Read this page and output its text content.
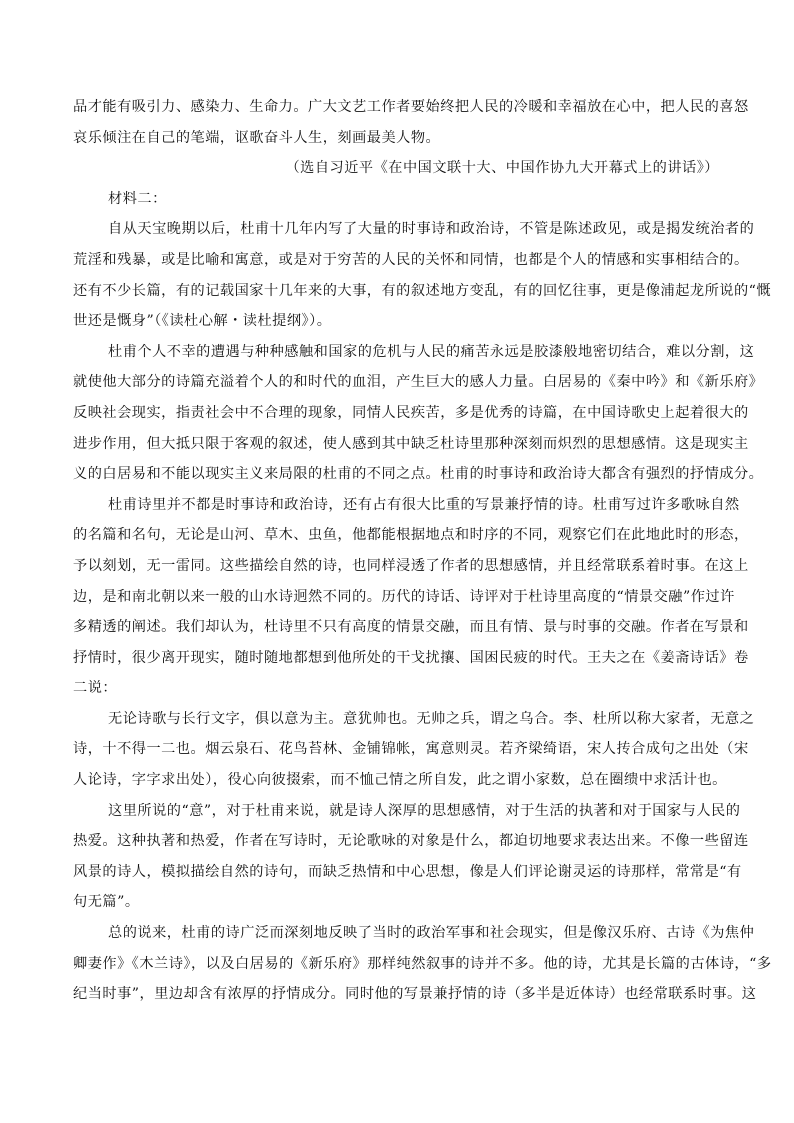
品才能有吸引力、感染力、生命力。广大文艺工作者要始终把人民的冷暖和幸福放在心中，把人民的喜怒
哀乐倾注在自己的笔端，讴歌奋斗人生，刻画最美人物。
（选自习近平《在中国文联十大、中国作协九大开幕式上的讲话》）
材料二：
自从天宝晚期以后，杜甫十几年内写了大量的时事诗和政治诗，不管是陈述政见，或是揭发统治者的
荒淫和残暴，或是比喻和寓意，或是对于穷苦的人民的关怀和同情，也都是个人的情感和实事相结合的。
还有不少长篇，有的记载国家十几年来的大事，有的叙述地方变乱，有的回忆往事，更是像浦起龙所说的“慨
世还是慨身”（《读杜心解・读杜提纲》）。
杜甫个人不幸的遭遇与种种感触和国家的危机与人民的痛苦永远是胶漆般地密切结合，难以分割，这
就使他大部分的诗篇充溢着个人的和时代的血泪，产生巨大的感人力量。白居易的《秦中吟》和《新乐府》
反映社会现实，指责社会中不合理的现象，同情人民疾苦，多是优秀的诗篇，在中国诗歌史上起着很大的
进步作用，但大抵只限于客观的叙述，使人感到其中缺乏杜诗里那种深刻而炽烈的思想感情。这是现实主
义的白居易和不能以现实主义来局限的杜甫的不同之点。杜甫的时事诗和政治诗大都含有强烈的抒情成分。
杜甫诗里并不都是时事诗和政治诗，还有占有很大比重的写景兼抒情的诗。杜甫写过许多歌咏自然
的名篇和名句，无论是山河、草木、虫鱼，他都能根据地点和时序的不同，观察它们在此地此时的形态，
予以刻划，无一雷同。这些描绘自然的诗，也同样浸透了作者的思想感情，并且经常联系着时事。在这上
边，是和南北朝以来一般的山水诗迥然不同的。历代的诗话、诗评对于杜诗里高度的“情景交融”作过许
多精透的阐述。我们却认为，杜诗里不只有高度的情景交融，而且有情、景与时事的交融。作者在写景和
抒情时，很少离开现实，随时随地都想到他所处的干戈扰攘、国困民疲的时代。王夫之在《姜斋诗话》卷
二说：
无论诗歌与长行文字，俱以意为主。意犹帅也。无帅之兵，谓之乌合。李、杜所以称大家者，无意之
诗，十不得一二也。烟云泉石、花鸟苔林、金铺锦帐，寓意则灵。若齐梁绮语，宋人抟合成句之出处（宋
人论诗，字字求出处），役心向彼掇索，而不恤己情之所自发，此之谓小家数，总在圈缋中求活计也。
这里所说的“意”，对于杜甫来说，就是诗人深厚的思想感情，对于生活的执著和对于国家与人民的
热爱。这种执著和热爱，作者在写诗时，无论歌咏的对象是什么，都迫切地要求表达出来。不像一些留连
风景的诗人，模拟描绘自然的诗句，而缺乏热情和中心思想，像是人们评论谢灵运的诗那样，常常是“有
句无篇”。
总的说来，杜甫的诗广泛而深刻地反映了当时的政治军事和社会现实，但是像汉乐府、古诗《为焦仲
卿妻作》《木兰诗》，以及白居易的《新乐府》那样纯然叙事的诗并不多。他的诗，尤其是长篇的古体诗，“多
纪当时事”，里边却含有浓厚的抒情成分。同时他的写景兼抒情的诗（多半是近体诗）也经常联系时事。这
